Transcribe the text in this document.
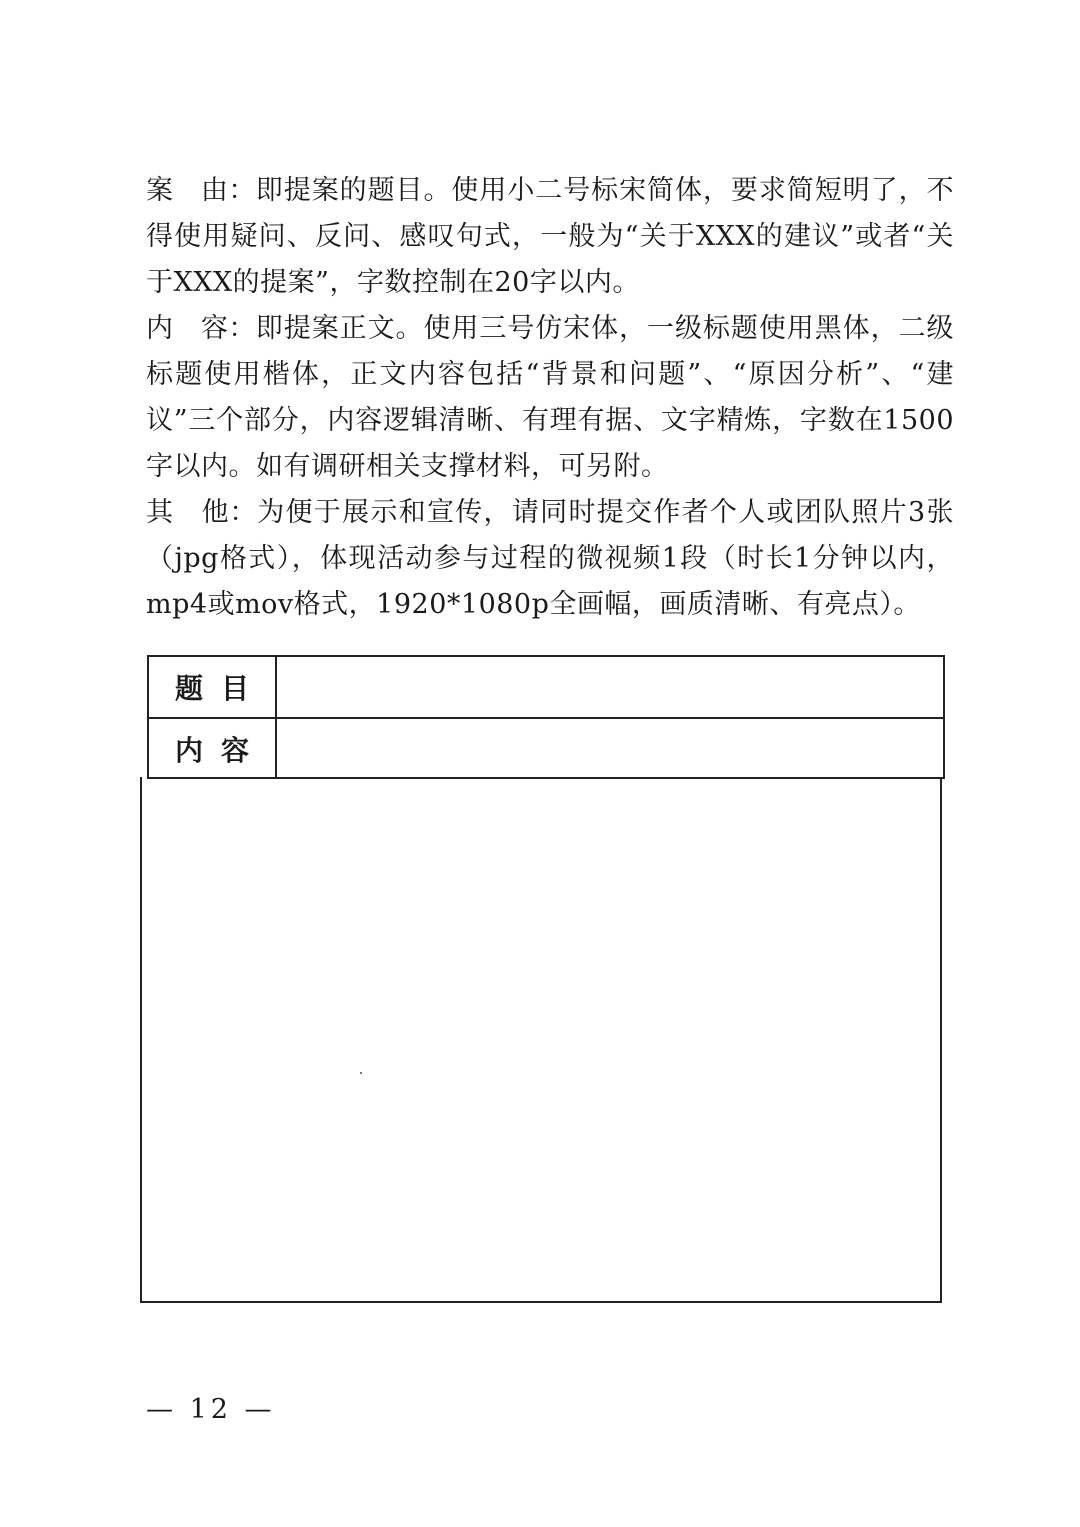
案　由：即提案的题目。使用小二号标宋简体，要求简短明了，不得使用疑问、反问、感叹句式，一般为“关于XXX的建议”或者“关于XXX的提案”，字数控制在20字以内。

内　容：即提案正文。使用三号仿宋体，一级标题使用黑体，二级标题使用楷体，正文内容包括“背景和问题”、“原因分析”、“建议”三个部分，内容逻辑清晰、有理有据、文字精炼，字数在1500字以内。如有调研相关支撑材料，可另附。

其　他：为便于展示和宣传，请同时提交作者个人或团队照片3张（jpg格式），体现活动参与过程的微视频1段（时长1分钟以内，mp4或mov格式，1920*1080p全画幅，画质清晰、有亮点）。

题目
内容
— 12 —
